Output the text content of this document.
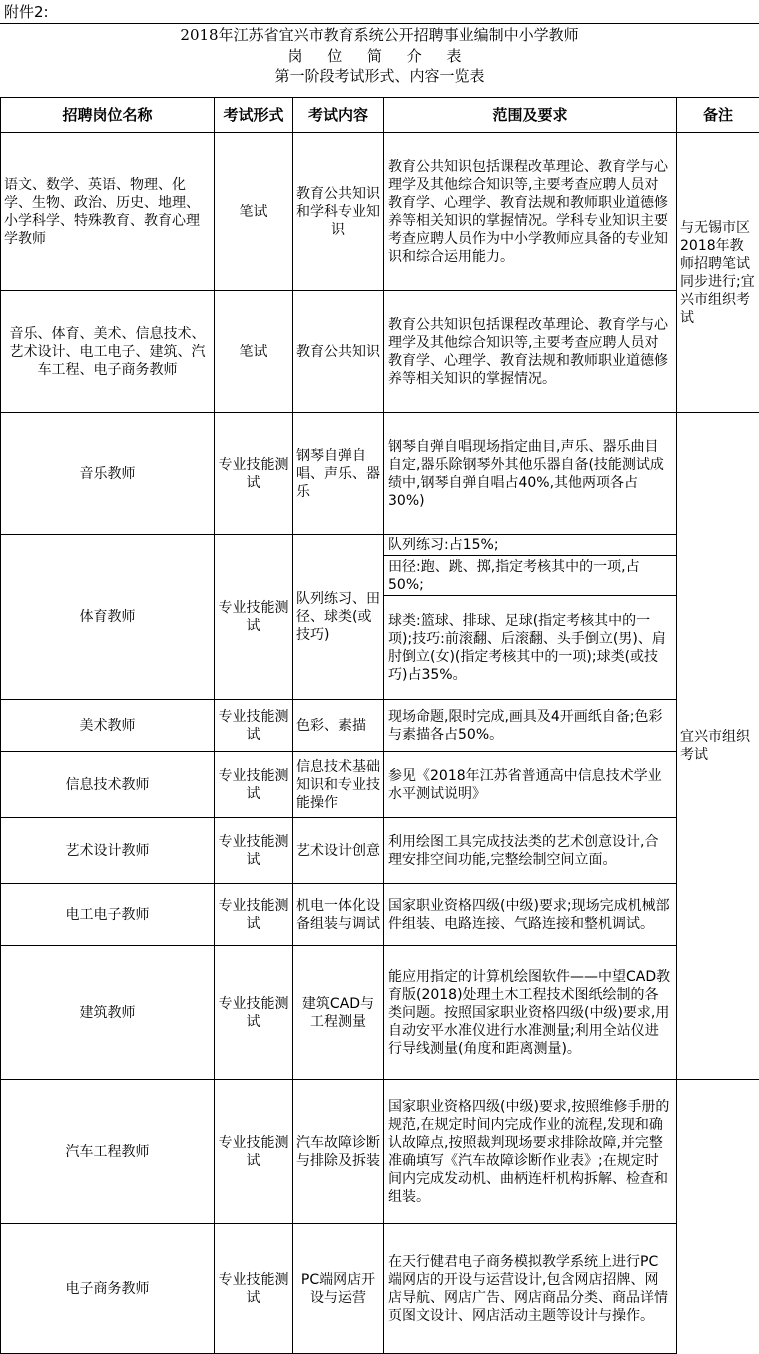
附件2:
2018年江苏省宜兴市教育系统公开招聘事业编制中小学教师
岗 位 简 介 表
第一阶段考试形式、内容一览表
招聘岗位名称	考试形式	考试内容	范围及要求	备注
语文、数学、英语、物理、化学、生物、政治、历史、地理、小学科学、特殊教育、教育心理学教师	笔试	教育公共知识和学科专业知识	教育公共知识包括课程改革理论、教育学与心理学及其他综合知识等,主要考查应聘人员对教育学、心理学、教育法规和教师职业道德修养等相关知识的掌握情况。学科专业知识主要考查应聘人员作为中小学教师应具备的专业知识和综合运用能力。	与无锡市区2018年教师招聘笔试同步进行;宜兴市组织考试
音乐、体育、美术、信息技术、艺术设计、电工电子、建筑、汽车工程、电子商务教师	笔试	教育公共知识	教育公共知识包括课程改革理论、教育学与心理学及其他综合知识等,主要考查应聘人员对教育学、心理学、教育法规和教师职业道德修养等相关知识的掌握情况。	
音乐教师	专业技能测试	钢琴自弹自唱、声乐、器乐	钢琴自弹自唱现场指定曲目,声乐、器乐曲目自定,器乐除钢琴外其他乐器自备(技能测试成绩中,钢琴自弹自唱占40%,其他两项各占30%)	宜兴市组织考试
体育教师	专业技能测试	队列练习、田径、球类(或技巧)	队列练习:占15%;	
			田径:跑、跳、掷,指定考核其中的一项,占50%;	
			球类:篮球、排球、足球(指定考核其中的一项);技巧:前滚翻、后滚翻、头手倒立(男)、肩肘倒立(女)(指定考核其中的一项);球类(或技巧)占35%。	
美术教师	专业技能测试	色彩、素描	现场命题,限时完成,画具及4开画纸自备;色彩与素描各占50%。	
信息技术教师	专业技能测试	信息技术基础知识和专业技能操作	参见《2018年江苏省普通高中信息技术学业水平测试说明》	
艺术设计教师	专业技能测试	艺术设计创意	利用绘图工具完成技法类的艺术创意设计,合理安排空间功能,完整绘制空间立面。	
电工电子教师	专业技能测试	机电一体化设备组装与调试	国家职业资格四级(中级)要求;现场完成机械部件组装、电路连接、气路连接和整机调试。	
建筑教师	专业技能测试	建筑CAD与工程测量	能应用指定的计算机绘图软件——中望CAD教育版(2018)处理土木工程技术图纸绘制的各类问题。按照国家职业资格四级(中级)要求,用自动安平水准仪进行水准测量;利用全站仪进行导线测量(角度和距离测量)。	
汽车工程教师	专业技能测试	汽车故障诊断与排除及拆装	国家职业资格四级(中级)要求,按照维修手册的规范,在规定时间内完成作业的流程,发现和确认故障点,按照裁判现场要求排除故障,并完整准确填写《汽车故障诊断作业表》;在规定时间内完成发动机、曲柄连杆机构拆解、检查和组装。	
电子商务教师	专业技能测试	PC端网店开设与运营	在天行健君电子商务模拟教学系统上进行PC端网店的开设与运营设计,包含网店招牌、网店导航、网店广告、网店商品分类、商品详情页图文设计、网店活动主题等设计与操作。	
